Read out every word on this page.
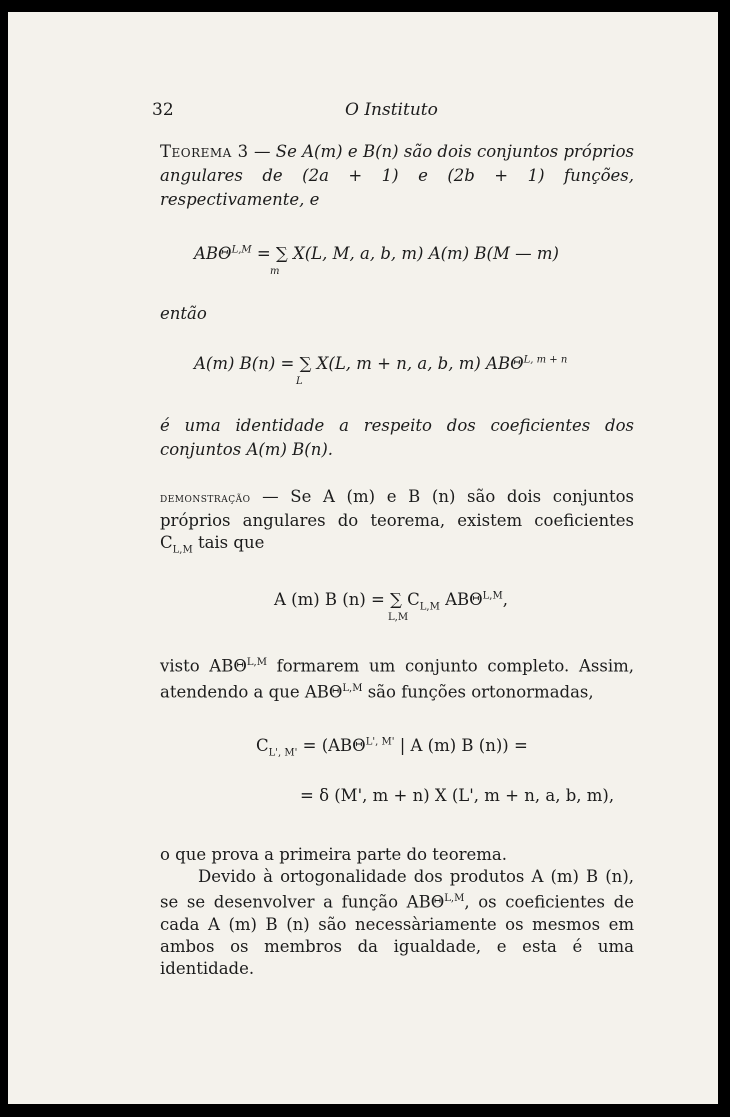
32	O Instituto
Teorema 3 — Se A(m) e B(n) são dois conjuntos próprios angulares de (2a + 1) e (2b + 1) funções, respectivamente, e
$AB\Theta^{L,M}$ = ∑ X(L, M, a, b, m) A(m) B(M — m)
m
então
A(m) B(n) = ∑ X(L, m + n, a, b, m) $AB\Theta^{L, m + n}$
L
é uma identidade a respeito dos coeficientes dos conjuntos A(m) B(n).
demonstração — Se A (m) e B (n) são dois conjuntos próprios angulares do teorema, existem coeficientes $C_{L,M}$ tais que
A (m) B (n) = ∑ $C_{L,M}$ $AB\Theta^{L,M}$,
L,M
visto $AB\Theta^{L,M}$ formarem um conjunto completo. Assim, atendendo a que $AB\Theta^{L,M}$ são funções ortonormadas,
$C_{L', M'} = (AB\Theta^{L', M'}$ | A (m) B (n)) =
= δ (M', m + n) X (L', m + n, a, b, m),
o que prova a primeira parte do teorema.
Devido à ortogonalidade dos produtos A (m) B (n), se se desenvolver a função $AB\Theta^{L,M}$, os coeficientes de cada A (m) B (n) são necessàriamente os mesmos em ambos os membros da igualdade, e esta é uma identidade.
